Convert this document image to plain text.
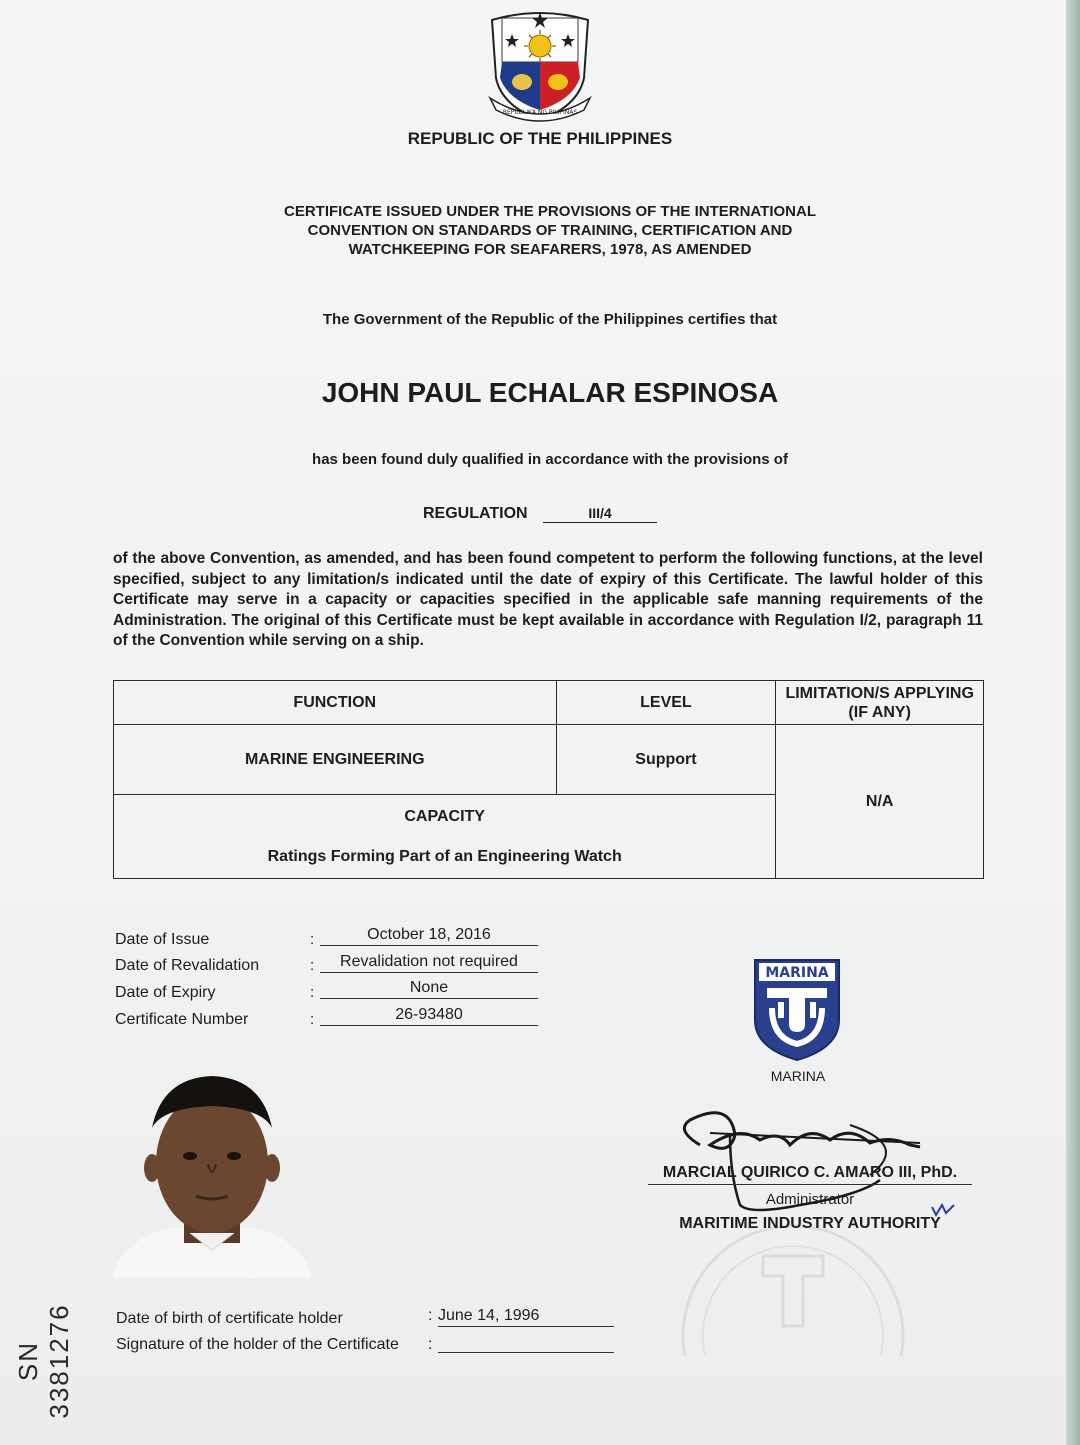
REPUBLIKA NG PILIPINAS
REPUBLIC OF THE PHILIPPINES
CERTIFICATE ISSUED UNDER THE PROVISIONS OF THE INTERNATIONAL
CONVENTION ON STANDARDS OF TRAINING, CERTIFICATION AND
WATCHKEEPING FOR SEAFARERS, 1978, AS AMENDED
The Government of the Republic of the Philippines certifies that
JOHN PAUL ECHALAR ESPINOSA
has been found duly qualified in accordance with the provisions of
REGULATION	III/4
of the above Convention, as amended, and has been found competent to perform the following functions, at the level specified, subject to any limitation/s indicated until the date of expiry of this Certificate. The lawful holder of this Certificate may serve in a capacity or capacities specified in the applicable safe manning requirements of the Administration. The original of this Certificate must be kept available in accordance with Regulation I/2, paragraph 11 of the Convention while serving on a ship.
FUNCTION	LEVEL	LIMITATION/S APPLYING (IF ANY)
MARINE ENGINEERING	Support	N/A

CAPACITY
Ratings Forming Part of an Engineering Watch		
Date of Issue	:	October 18, 2016
Date of Revalidation	:	Revalidation not required
Date of Expiry	:	None
Certificate Number	:	26-93480
MARINA
MARINA
MARCIAL QUIRICO C. AMARO III, PhD.
Administrator
MARITIME INDUSTRY AUTHORITY
Date of birth of certificate holder	: June 14, 1996
Signature of the holder of the Certificate :
SN 3381276
